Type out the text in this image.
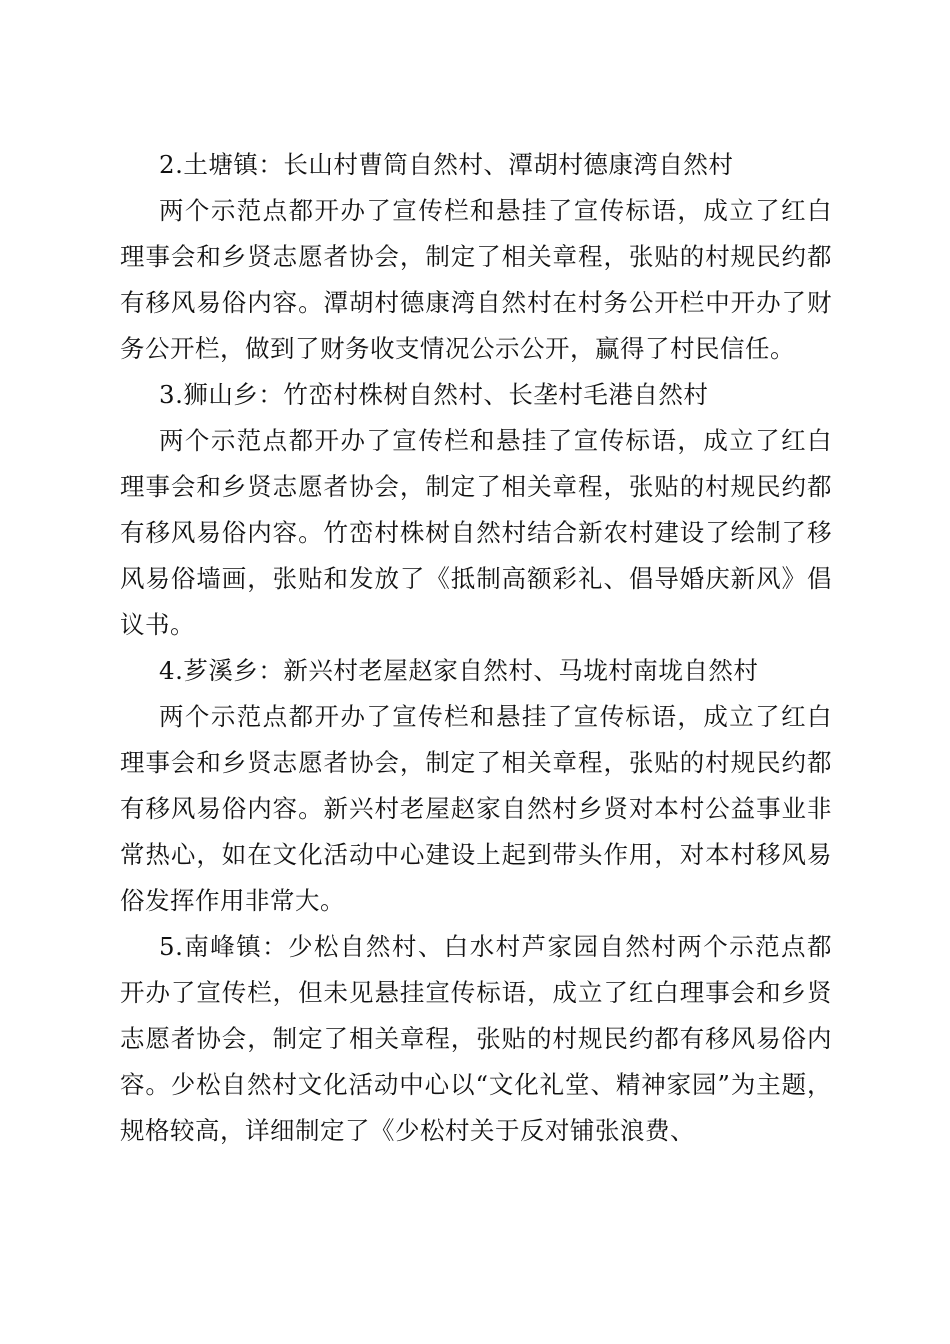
2.土塘镇：长山村曹筒自然村、潭胡村德康湾自然村

两个示范点都开办了宣传栏和悬挂了宣传标语，成立了红白理事会和乡贤志愿者协会，制定了相关章程，张贴的村规民约都有移风易俗内容。潭胡村德康湾自然村在村务公开栏中开办了财务公开栏，做到了财务收支情况公示公开，赢得了村民信任。

3.狮山乡：竹峦村株树自然村、长垄村毛港自然村

两个示范点都开办了宣传栏和悬挂了宣传标语，成立了红白理事会和乡贤志愿者协会，制定了相关章程，张贴的村规民约都有移风易俗内容。竹峦村株树自然村结合新农村建设了绘制了移风易俗墙画，张贴和发放了《抵制高额彩礼、倡导婚庆新风》倡议书。

4.芗溪乡：新兴村老屋赵家自然村、马垅村南垅自然村

两个示范点都开办了宣传栏和悬挂了宣传标语，成立了红白理事会和乡贤志愿者协会，制定了相关章程，张贴的村规民约都有移风易俗内容。新兴村老屋赵家自然村乡贤对本村公益事业非常热心，如在文化活动中心建设上起到带头作用，对本村移风易俗发挥作用非常大。

5.南峰镇：少松自然村、白水村芦家园自然村两个示范点都开办了宣传栏，但未见悬挂宣传标语，成立了红白理事会和乡贤志愿者协会，制定了相关章程，张贴的村规民约都有移风易俗内容。少松自然村文化活动中心以“文化礼堂、精神家园”为主题，规格较高，详细制定了《少松村关于反对铺张浪费、
